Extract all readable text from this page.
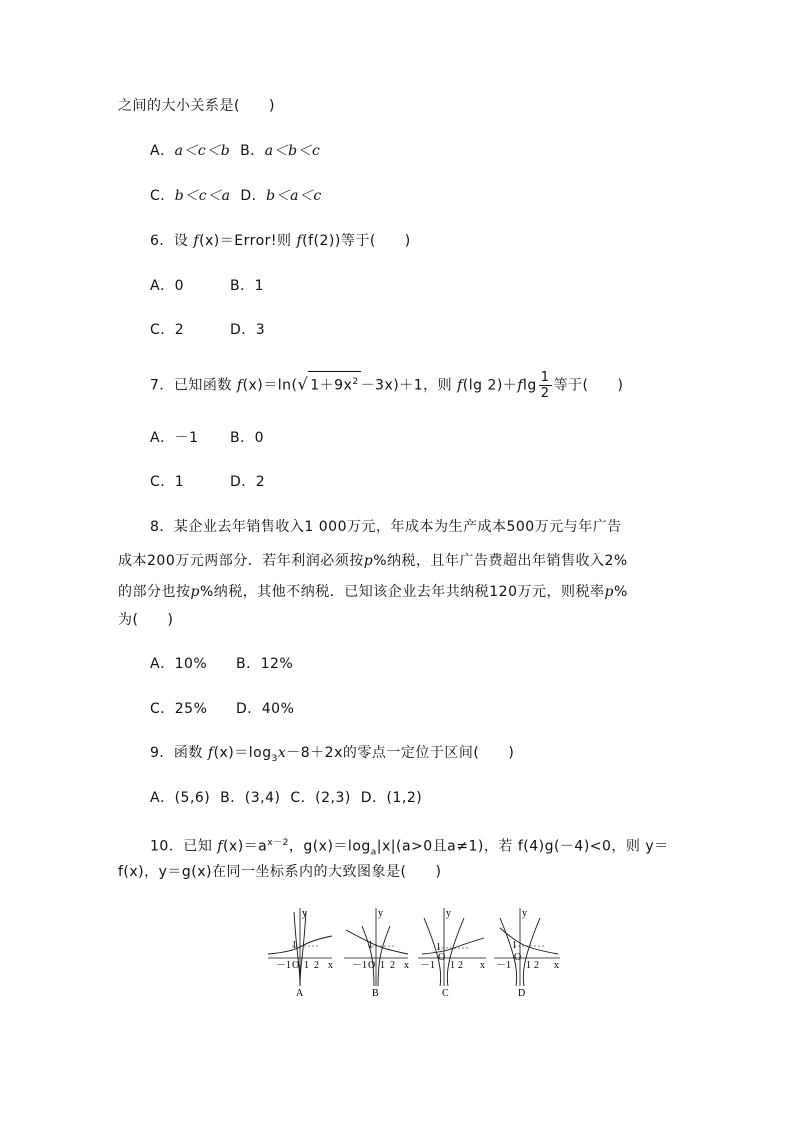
之间的大小关系是(　　)
A．a＜c＜b B．a＜b＜c
C．b＜c＜a D．b＜a＜c
6．设 f(x)＝Error!则 f(f(2))等于(　　)
A．0	B．1
C．2	D．3
7．已知函数 f(x)＝ln(√ $1+9x^2 -3x)+1$，则 f(lg $2)+flg \frac{1}{2}$ 等于(　　)
A．－1 B．0
C．1	D．2
8．某企业去年销售收入1 000万元，年成本为生产成本500万元与年广告
成本200万元两部分．若年利润必须按p%纳税，且年广告费超出年销售收入2%
的部分也按p%纳税，其他不纳税．已知该企业去年共纳税120万元，则税率p%
为(　　)
A．10% B．12%
C．25% D．40%
9．函数 $f(x)=\log_3x-8+2x$的零点一定位于区间(　　)
A．(5,6) B．(3,4) C．(2,3) D．(1,2)
10．已知 $f(x)=a^{x-2}$，$g(x)=\log_a|x|(a>0$且a≠1)，若 f(4)g(－4)<0，则 y＝
f(x)，y＝g(x)在同一坐标系内的大致图象是(　　)
y
x
1
－1 O 1 2
A
y
x
1
－1 O 1 2
B
y
x
1
－1
O
1 2
C
y
x
1
－1
O
1 2
D
